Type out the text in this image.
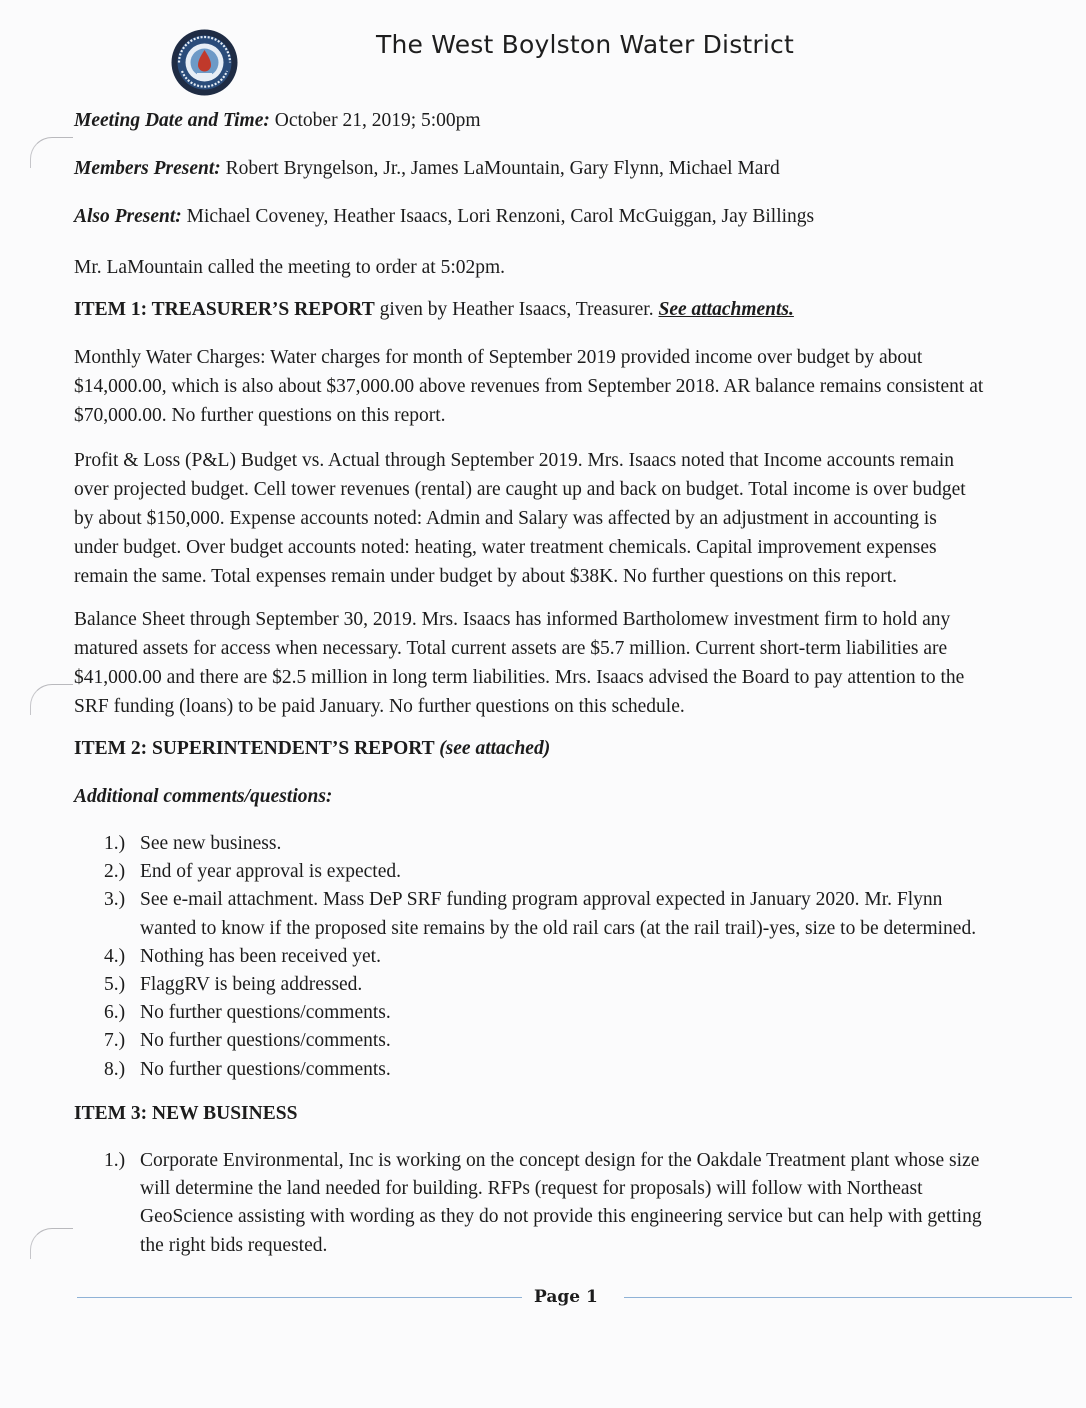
The West Boylston Water District
Meeting Date and Time: October 21, 2019; 5:00pm
Members Present: Robert Bryngelson, Jr., James LaMountain, Gary Flynn, Michael Mard
Also Present: Michael Coveney, Heather Isaacs, Lori Renzoni, Carol McGuiggan, Jay Billings
Mr. LaMountain called the meeting to order at 5:02pm.
ITEM 1: TREASURER’S REPORT given by Heather Isaacs, Treasurer. See attachments.
Monthly Water Charges: Water charges for month of September 2019 provided income over budget by about
$14,000.00, which is also about $37,000.00 above revenues from September 2018. AR balance remains consistent at
$70,000.00. No further questions on this report.
Profit & Loss (P&L) Budget vs. Actual through September 2019. Mrs. Isaacs noted that Income accounts remain
over projected budget. Cell tower revenues (rental) are caught up and back on budget. Total income is over budget
by about $150,000. Expense accounts noted: Admin and Salary was affected by an adjustment in accounting is
under budget. Over budget accounts noted: heating, water treatment chemicals. Capital improvement expenses
remain the same. Total expenses remain under budget by about $38K. No further questions on this report.
Balance Sheet through September 30, 2019. Mrs. Isaacs has informed Bartholomew investment firm to hold any
matured assets for access when necessary. Total current assets are $5.7 million. Current short-term liabilities are
$41,000.00 and there are $2.5 million in long term liabilities. Mrs. Isaacs advised the Board to pay attention to the
SRF funding (loans) to be paid January. No further questions on this schedule.
ITEM 2: SUPERINTENDENT’S REPORT (see attached)
Additional comments/questions:
1.) See new business.
2.) End of year approval is expected.
3.) See e-mail attachment. Mass DeP SRF funding program approval expected in January 2020. Mr. Flynn
wanted to know if the proposed site remains by the old rail cars (at the rail trail)-yes, size to be determined.
4.) Nothing has been received yet.
5.) FlaggRV is being addressed.
6.) No further questions/comments.
7.) No further questions/comments.
8.) No further questions/comments.
ITEM 3: NEW BUSINESS
1.) Corporate Environmental, Inc is working on the concept design for the Oakdale Treatment plant whose size
will determine the land needed for building. RFPs (request for proposals) will follow with Northeast
GeoScience assisting with wording as they do not provide this engineering service but can help with getting
the right bids requested.
Page 1
